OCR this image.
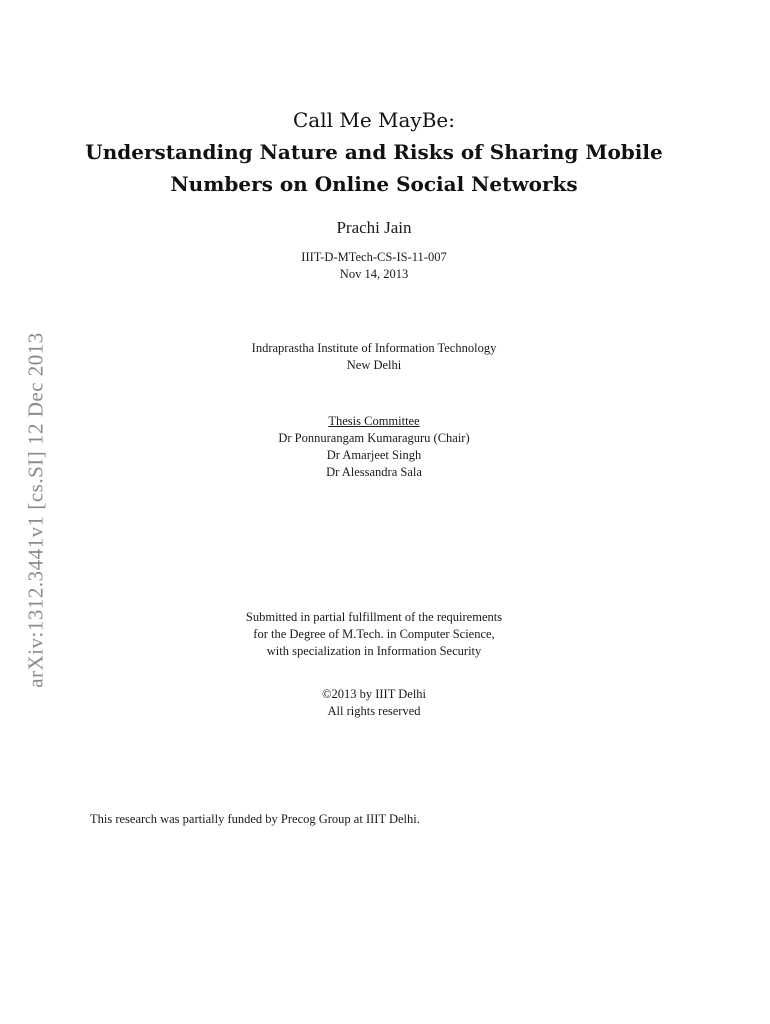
arXiv:1312.3441v1 [cs.SI] 12 Dec 2013
Call Me MayBe:
Understanding Nature and Risks of Sharing Mobile
Numbers on Online Social Networks
Prachi Jain
IIIT-D-MTech-CS-IS-11-007
Nov 14, 2013
Indraprastha Institute of Information Technology
New Delhi
Thesis Committee
Dr Ponnurangam Kumaraguru (Chair)
Dr Amarjeet Singh
Dr Alessandra Sala
Submitted in partial fulfillment of the requirements
for the Degree of M.Tech. in Computer Science,
with specialization in Information Security
©2013 by IIIT Delhi
All rights reserved
This research was partially funded by Precog Group at IIIT Delhi.
